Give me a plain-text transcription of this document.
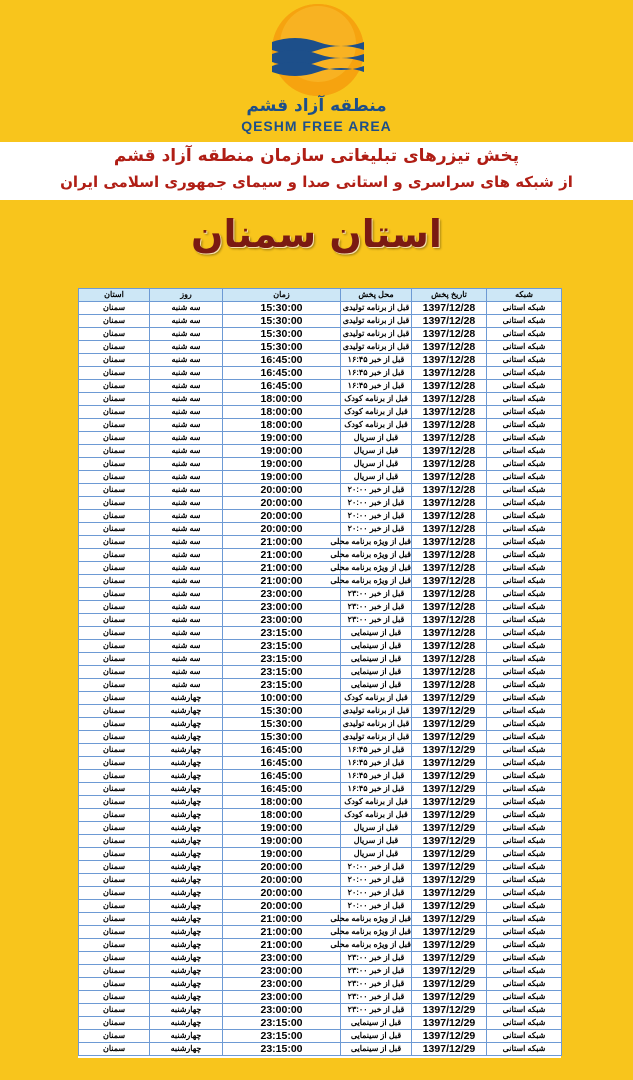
منطقه آزاد قشم
QESHM FREE AREA
پخش تیزرهای تبلیغاتی سازمان منطقه آزاد قشم
از شبکه های سراسری و استانی صدا و سیمای جمهوری اسلامی ایران
استان سمنان
استان	روز	زمان	محل پخش	تاریخ پخش	شبکه
سمنان	سه شنبه	15:30:00	قبل از برنامه تولیدی	1397/12/28	شبکه استانی
سمنان	سه شنبه	15:30:00	قبل از برنامه تولیدی	1397/12/28	شبکه استانی
سمنان	سه شنبه	15:30:00	قبل از برنامه تولیدی	1397/12/28	شبکه استانی
سمنان	سه شنبه	15:30:00	قبل از برنامه تولیدی	1397/12/28	شبکه استانی
سمنان	سه شنبه	16:45:00	قبل از خبر ۱۶:۴۵	1397/12/28	شبکه استانی
سمنان	سه شنبه	16:45:00	قبل از خبر ۱۶:۴۵	1397/12/28	شبکه استانی
سمنان	سه شنبه	16:45:00	قبل از خبر ۱۶:۴۵	1397/12/28	شبکه استانی
سمنان	سه شنبه	18:00:00	قبل از برنامه کودک	1397/12/28	شبکه استانی
سمنان	سه شنبه	18:00:00	قبل از برنامه کودک	1397/12/28	شبکه استانی
سمنان	سه شنبه	18:00:00	قبل از برنامه کودک	1397/12/28	شبکه استانی
سمنان	سه شنبه	19:00:00	قبل از سریال	1397/12/28	شبکه استانی
سمنان	سه شنبه	19:00:00	قبل از سریال	1397/12/28	شبکه استانی
سمنان	سه شنبه	19:00:00	قبل از سریال	1397/12/28	شبکه استانی
سمنان	سه شنبه	19:00:00	قبل از سریال	1397/12/28	شبکه استانی
سمنان	سه شنبه	20:00:00	قبل از خبر ۲۰:۰۰	1397/12/28	شبکه استانی
سمنان	سه شنبه	20:00:00	قبل از خبر ۲۰:۰۰	1397/12/28	شبکه استانی
سمنان	سه شنبه	20:00:00	قبل از خبر ۲۰:۰۰	1397/12/28	شبکه استانی
سمنان	سه شنبه	20:00:00	قبل از خبر ۲۰:۰۰	1397/12/28	شبکه استانی
سمنان	سه شنبه	21:00:00	قبل از ویژه برنامه محلی	1397/12/28	شبکه استانی
سمنان	سه شنبه	21:00:00	قبل از ویژه برنامه محلی	1397/12/28	شبکه استانی
سمنان	سه شنبه	21:00:00	قبل از ویژه برنامه محلی	1397/12/28	شبکه استانی
سمنان	سه شنبه	21:00:00	قبل از ویژه برنامه محلی	1397/12/28	شبکه استانی
سمنان	سه شنبه	23:00:00	قبل از خبر ۲۳:۰۰	1397/12/28	شبکه استانی
سمنان	سه شنبه	23:00:00	قبل از خبر ۲۳:۰۰	1397/12/28	شبکه استانی
سمنان	سه شنبه	23:00:00	قبل از خبر ۲۳:۰۰	1397/12/28	شبکه استانی
سمنان	سه شنبه	23:15:00	قبل از سینمایی	1397/12/28	شبکه استانی
سمنان	سه شنبه	23:15:00	قبل از سینمایی	1397/12/28	شبکه استانی
سمنان	سه شنبه	23:15:00	قبل از سینمایی	1397/12/28	شبکه استانی
سمنان	سه شنبه	23:15:00	قبل از سینمایی	1397/12/28	شبکه استانی
سمنان	سه شنبه	23:15:00	قبل از سینمایی	1397/12/28	شبکه استانی
سمنان	چهارشنبه	10:00:00	قبل از برنامه کودک	1397/12/29	شبکه استانی
سمنان	چهارشنبه	15:30:00	قبل از برنامه تولیدی	1397/12/29	شبکه استانی
سمنان	چهارشنبه	15:30:00	قبل از برنامه تولیدی	1397/12/29	شبکه استانی
سمنان	چهارشنبه	15:30:00	قبل از برنامه تولیدی	1397/12/29	شبکه استانی
سمنان	چهارشنبه	16:45:00	قبل از خبر ۱۶:۴۵	1397/12/29	شبکه استانی
سمنان	چهارشنبه	16:45:00	قبل از خبر ۱۶:۴۵	1397/12/29	شبکه استانی
سمنان	چهارشنبه	16:45:00	قبل از خبر ۱۶:۴۵	1397/12/29	شبکه استانی
سمنان	چهارشنبه	16:45:00	قبل از خبر ۱۶:۴۵	1397/12/29	شبکه استانی
سمنان	چهارشنبه	18:00:00	قبل از برنامه کودک	1397/12/29	شبکه استانی
سمنان	چهارشنبه	18:00:00	قبل از برنامه کودک	1397/12/29	شبکه استانی
سمنان	چهارشنبه	19:00:00	قبل از سریال	1397/12/29	شبکه استانی
سمنان	چهارشنبه	19:00:00	قبل از سریال	1397/12/29	شبکه استانی
سمنان	چهارشنبه	19:00:00	قبل از سریال	1397/12/29	شبکه استانی
سمنان	چهارشنبه	20:00:00	قبل از خبر ۲۰:۰۰	1397/12/29	شبکه استانی
سمنان	چهارشنبه	20:00:00	قبل از خبر ۲۰:۰۰	1397/12/29	شبکه استانی
سمنان	چهارشنبه	20:00:00	قبل از خبر ۲۰:۰۰	1397/12/29	شبکه استانی
سمنان	چهارشنبه	20:00:00	قبل از خبر ۲۰:۰۰	1397/12/29	شبکه استانی
سمنان	چهارشنبه	21:00:00	قبل از ویژه برنامه محلی	1397/12/29	شبکه استانی
سمنان	چهارشنبه	21:00:00	قبل از ویژه برنامه محلی	1397/12/29	شبکه استانی
سمنان	چهارشنبه	21:00:00	قبل از ویژه برنامه محلی	1397/12/29	شبکه استانی
سمنان	چهارشنبه	23:00:00	قبل از خبر ۲۳:۰۰	1397/12/29	شبکه استانی
سمنان	چهارشنبه	23:00:00	قبل از خبر ۲۳:۰۰	1397/12/29	شبکه استانی
سمنان	چهارشنبه	23:00:00	قبل از خبر ۲۳:۰۰	1397/12/29	شبکه استانی
سمنان	چهارشنبه	23:00:00	قبل از خبر ۲۳:۰۰	1397/12/29	شبکه استانی
سمنان	چهارشنبه	23:00:00	قبل از خبر ۲۳:۰۰	1397/12/29	شبکه استانی
سمنان	چهارشنبه	23:15:00	قبل از سینمایی	1397/12/29	شبکه استانی
سمنان	چهارشنبه	23:15:00	قبل از سینمایی	1397/12/29	شبکه استانی
سمنان	چهارشنبه	23:15:00	قبل از سینمایی	1397/12/29	شبکه استانی
